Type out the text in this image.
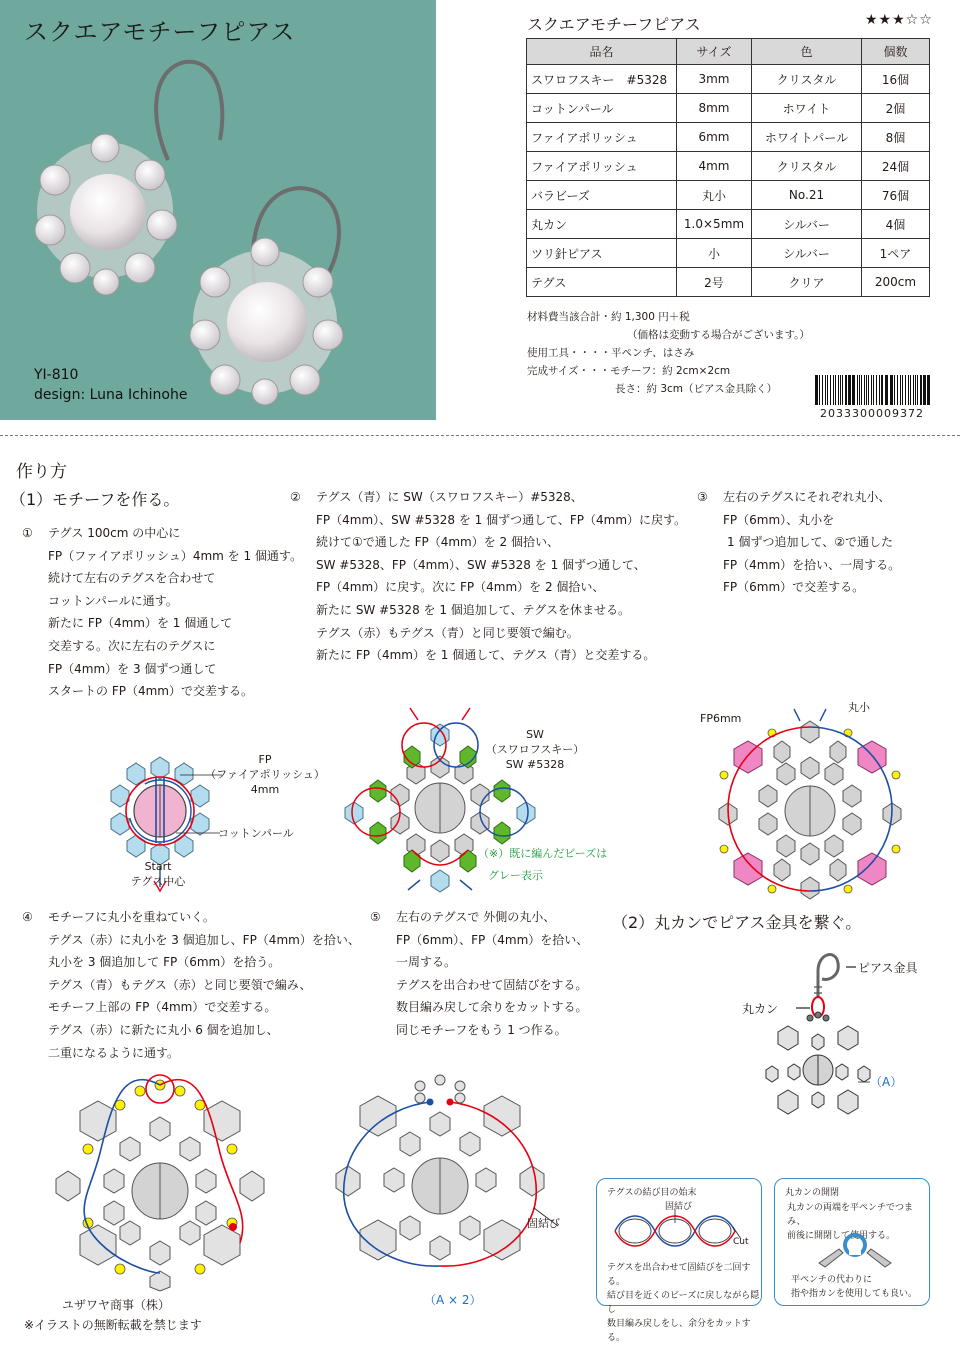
スクエアモチーフピアス
YI-810
design: Luna Ichinohe
スクエアモチーフピアス	★★★☆☆
品名	サイズ	色	個数
スワロフスキー　#5328	3mm	クリスタル	16個
コットンパール	8mm	ホワイト	2個
ファイアポリッシュ	6mm	ホワイトパール	8個
ファイアポリッシュ	4mm	クリスタル	24個
バラビーズ	丸小	No.21	76個
丸カン	1.0×5mm	シルバー	4個
ツリ針ピアス	小	シルバー	1ペア
テグス	2号	クリア	200cm
材料費当該合計・約 1,300 円＋税
（価格は変動する場合がございます。）
使用工具・・・・平ペンチ、はさみ
完成サイズ・・・モチーフ：約 2cm×2cm
長さ：約 3cm（ピアス金具除く）
2033300009372
作り方
（1）モチーフを作る。
① テグス 100cm の中心に
FP（ファイアポリッシュ）4mm を 1 個通す。
続けて左右のテグスを合わせて
コットンパールに通す。
新たに FP（4mm）を 1 個通して
交差する。次に左右のテグスに
FP（4mm）を 3 個ずつ通して
スタートの FP（4mm）で交差する。
② テグス（青）に SW（スワロフスキー）#5328、
FP（4mm）、SW #5328 を 1 個ずつ通して、FP（4mm）に戻す。
続けて①で通した FP（4mm）を 2 個拾い、
SW #5328、FP（4mm）、SW #5328 を 1 個ずつ通して、
FP（4mm）に戻す。次に FP（4mm）を 2 個拾い、
新たに SW #5328 を 1 個追加して、テグスを休ませる。
テグス（赤）もテグス（青）と同じ要領で編む。
新たに FP（4mm）を 1 個通して、テグス（青）と交差する。
③ 左右のテグスにそれぞれ丸小、
FP（6mm）、丸小を
1 個ずつ追加して、②で通した
FP（4mm）を拾い、一周する。
FP（6mm）で交差する。
FP
（ファイアポリッシュ）
4mm
コットンパール
Start
テグス中心
SW
（スワロフスキー）
SW #5328
（※）既に編んだビーズは
グレー表示
FP6mm
丸小
④ モチーフに丸小を重ねていく。
テグス（赤）に丸小を 3 個追加し、FP（4mm）を拾い、
丸小を 3 個追加して FP（6mm）を拾う。
テグス（青）もテグス（赤）と同じ要領で編み、
モチーフ上部の FP（4mm）で交差する。
テグス（赤）に新たに丸小 6 個を追加し、
二重になるように通す。
⑤ 左右のテグスで 外側の丸小、
FP（6mm）、FP（4mm）を拾い、
一周する。
テグスを出合わせて固結びをする。
数目編み戻して余りをカットする。
同じモチーフをもう 1 つ作る。
（2）丸カンでピアス金具を繋ぐ。
固結び
（A × 2）
ピアス金具
丸カン
（A）
テグスの結び目の始末
固結び
Cut
テグスを出合わせて固結びを二回する。
結び目を近くのビーズに戻しながら隠し
数目編み戻しをし、余分をカットする。
丸カンの開閉
丸カンの両端を平ペンチでつまみ、
前後に開閉して使用する。
平ペンチの代わりに
指や指カンを使用しても良い。
ユザワヤ商事（株）
※イラストの無断転載を禁じます
